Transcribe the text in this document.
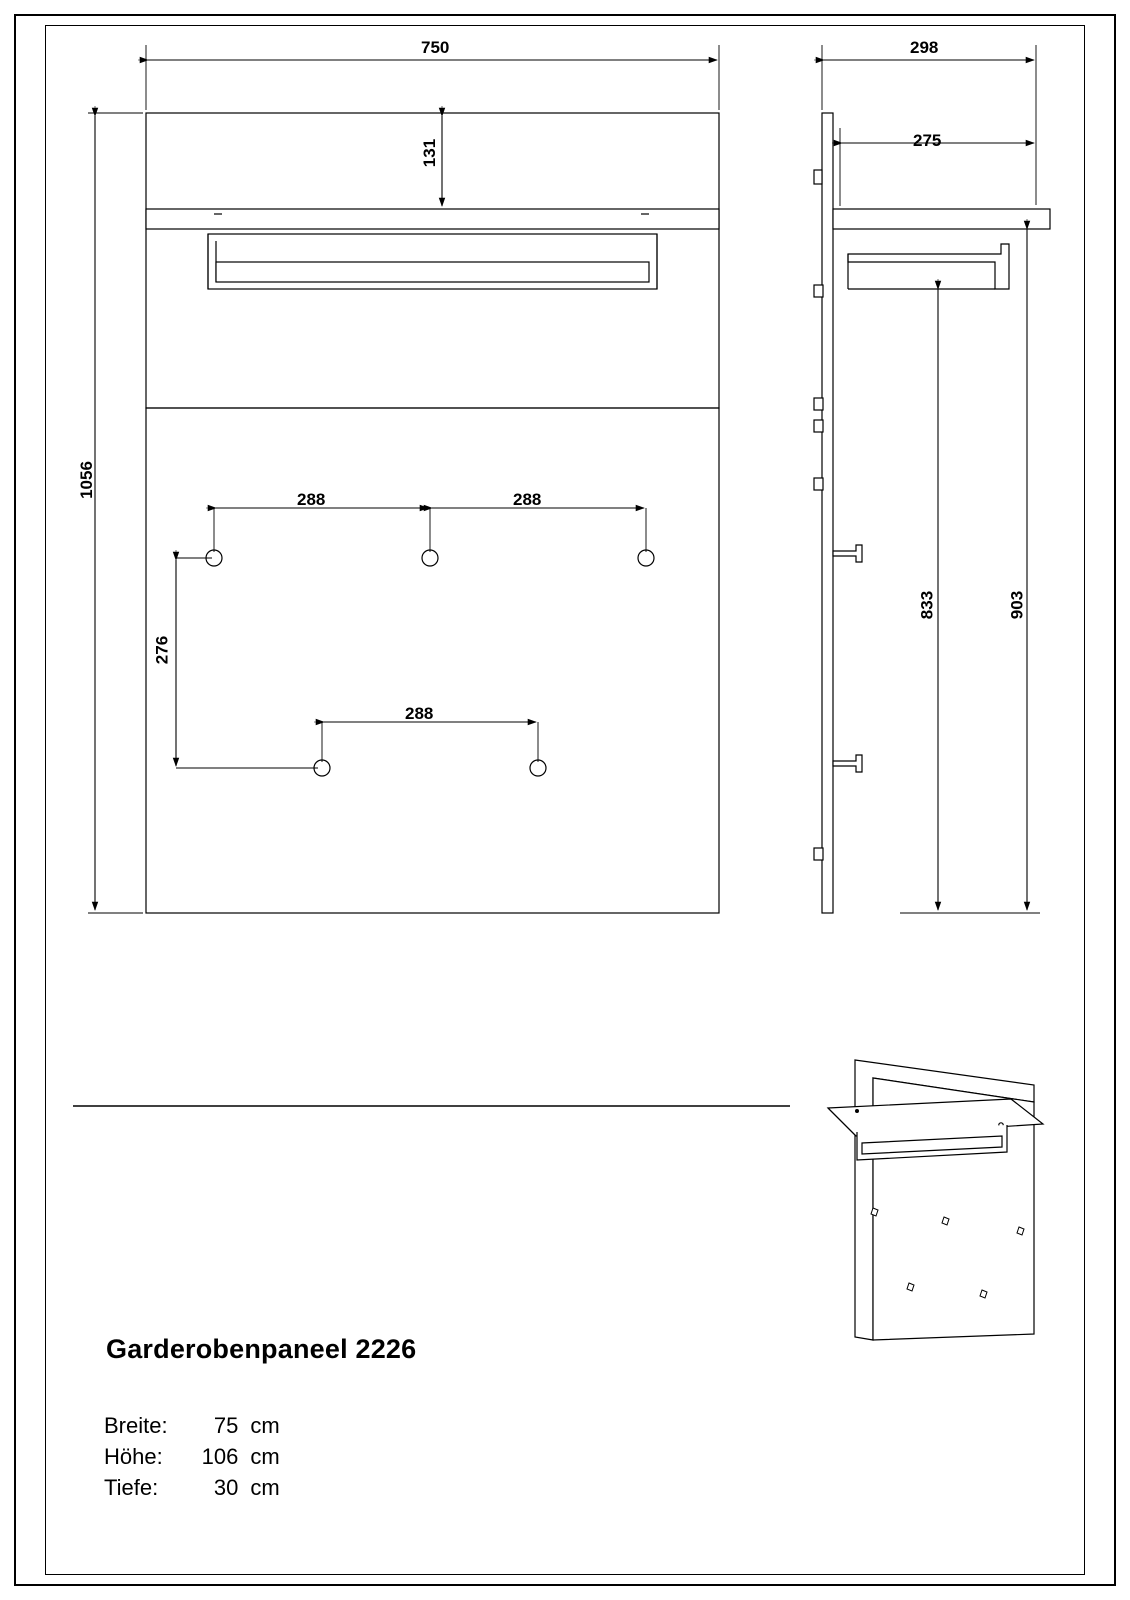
750
1056
131
288	288
288
276
298
275
833	903
Garderobenpaneel 2226
Breite:	75	cm
Höhe:	106	cm
Tiefe:	30	cm
